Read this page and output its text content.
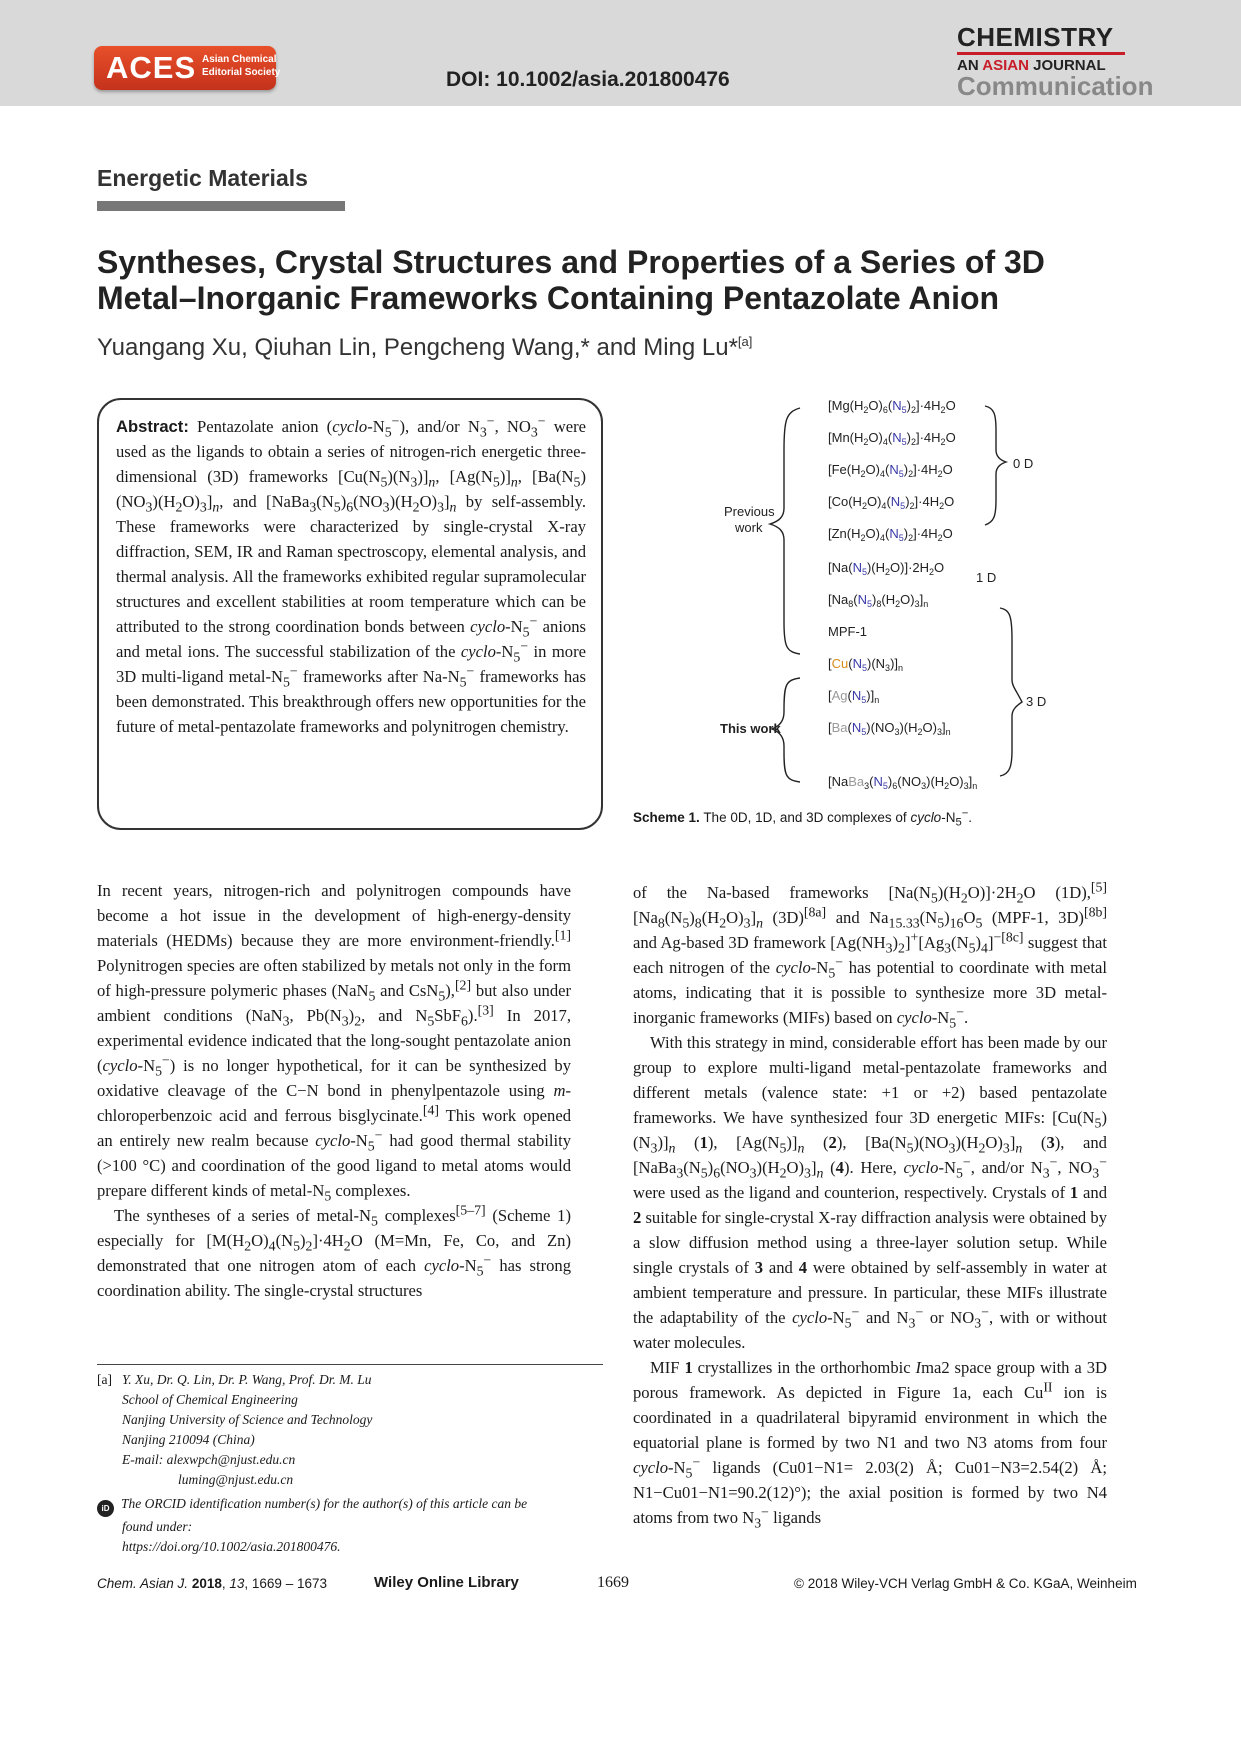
ACES Asian Chemical
Editorial Society	DOI: 10.1002/asia.201800476
CHEMISTRY
AN ASIAN JOURNAL
Communication
Energetic Materials
Syntheses, Crystal Structures and Properties of a Series of 3D
Metal–Inorganic Frameworks Containing Pentazolate Anion
Yuangang Xu, Qiuhan Lin, Pengcheng Wang,* and Ming Lu*[a]
Abstract: Pentazolate anion $(cyclo-N_5^-)$, and/or $N_3^-$, $NO_3^-$ were used as the ligands to obtain a series of nitrogen-rich energetic three-dimensional (3D) frameworks $[Cu(N_5)(N_3)]_n$, $[Ag(N_5)]_n$, $[Ba(N_5)(NO_3)(H_2O)_3]_n$, and $[NaBa_3(N_5)_6(NO_3)(H_2O)_3]_n$ by self-assembly. These frameworks were characterized by single-crystal X-ray diffraction, SEM, IR and Raman spectroscopy, elemental analysis, and thermal analysis. All the frameworks exhibited regular supramolecular structures and excellent stabilities at room temperature which can be attributed to the strong coordination bonds between cyclo-$N_5^-$ anions and metal ions. The successful stabilization of the cyclo-$N_5^-$ in more 3D multi-ligand metal-$N_5^-$ frameworks after $Na-N_5^-$ frameworks has been demonstrated. This breakthrough offers new opportunities for the future of metal-pentazolate frameworks and polynitrogen chemistry.
Previous
work
This work
0 D
1 D
3 D
$[Mg(H_2O)_6(N_5)_2]\cdot 4H_2O$
$[Mn(H_2O)_4(N_5)_2]\cdot 4H_2O$
$[Fe(H_2O)_4(N_5)_2]\cdot 4H_2O$
$[Co(H_2O)_4(N_5)_2]\cdot 4H_2O$
$[Zn(H_2O)_4(N_5)_2]\cdot 4H_2O$
$[Na(N_5)(H_2O)]\cdot 2H_2O$
$[Na_8(N_5)_8(H_2O)_3]_n$
MPF-1
$[Cu(N_5)(N_3)]_n$
$[Ag(N_5)]_n$
$[Ba(N_5)(NO_3)(H_2O)_3]_n$
$[NaBa_3(N_5)_6(NO_3)(H_2O)_3]_n$
Scheme 1. The 0D, 1D, and 3D complexes of cyclo-$N_5^-$.

In recent years, nitrogen-rich and polynitrogen compounds have become a hot issue in the development of high-energy-density materials (HEDMs) because they are more environment-friendly.[1] Polynitrogen species are often stabilized by metals not only in the form of high-pressure polymeric phases (NaN$_5$ and CsN$_5$),[2] but also under ambient conditions (NaN$_3$, $Pb(N_3)_2$, and $N_5SbF_6).[3]$ In 2017, experimental evidence indicated that the long-sought pentazolate anion $(cyclo-N_5^-)$ is no longer hypothetical, for it can be synthesized by oxidative cleavage of the C−N bond in phenylpentazole using m-chloroperbenzoic acid and ferrous bisglycinate.[4] This work opened an entirely new realm because cyclo-$N_5^-$ had good thermal stability (>100 °C) and coordination of the good ligand to metal atoms would prepare different kinds of metal-$N_5$ complexes.

The syntheses of a series of metal-$N_5$ complexes[5–7] (Scheme 1) especially for $[M(H_2O)_4(N_5)_2]\cdot 4H_2O$ (M=Mn, Fe, Co, and Zn) demonstrated that one nitrogen atom of each cyclo-$N_5^-$ has strong coordination ability. The single-crystal structures

of the Na-based frameworks $[Na(N_5)(H_2O)]\cdot 2H_2O$ (1D),[5] $[Na_8(N_5)_8(H_2O)_3]_n$ (3D)[8a] and $Na_{15.33}(N_5)_{16}O_5$ (MPF-1, 3D)[8b] and Ag-based 3D framework $[Ag(NH_3)_2]^+[Ag_3(N_5)_4]^{-[8c]}$ suggest that each nitrogen of the cyclo-$N_5^-$ has potential to coordinate with metal atoms, indicating that it is possible to synthesize more 3D metal-inorganic frameworks (MIFs) based on cyclo-$N_5^-$.

With this strategy in mind, considerable effort has been made by our group to explore multi-ligand metal-pentazolate frameworks and different metals (valence state: +1 or +2) based pentazolate frameworks. We have synthesized four 3D energetic MIFs: $[Cu(N_5)(N_3)]_n$ (1), $[Ag(N_5)]_n$ (2), $[Ba(N_5)(NO_3)(H_2O)_3]_n$ (3), and $[NaBa_3(N_5)_6(NO_3)(H_2O)_3]_n$ (4). Here, cyclo-$N_5^-$, and/or $N_3^-$, $NO_3^-$ were used as the ligand and counterion, respectively. Crystals of 1 and 2 suitable for single-crystal X-ray diffraction analysis were obtained by a slow diffusion method using a three-layer solution setup. While single crystals of 3 and 4 were obtained by self-assembly in water at ambient temperature and pressure. In particular, these MIFs illustrate the adaptability of the cyclo-$N_5^-$ and $N_3^-$ or $NO_3^-$, with or without water molecules.

MIF 1 crystallizes in the orthorhombic Ima2 space group with a 3D porous framework. As depicted in Figure 1a, each $Cu^{II}$ ion is coordinated in a quadrilateral bipyramid environment in which the equatorial plane is formed by two N1 and two N3 atoms from four cyclo-$N_5^-$ ligands (Cu01−N1= 2.03(2) Å; Cu01−N3=2.54(2) Å; N1−Cu01−N1=90.2(12)°); the axial position is formed by two N4 atoms from two $N_3^-$ ligands

[a] Y. Xu, Dr. Q. Lin, Dr. P. Wang, Prof. Dr. M. Lu
School of Chemical Engineering
Nanjing University of Science and Technology
Nanjing 210094 (China)
E-mail: alexwpch@njust.edu.cn
luming@njust.edu.cn
iD The ORCID identification number(s) for the author(s) of this article can be
found under:
https://doi.org/10.1002/asia.201800476.
Chem. Asian J. 2018, 13, 1669 – 1673	Wiley Online Library	1669	© 2018 Wiley-VCH Verlag GmbH & Co. KGaA, Weinheim
